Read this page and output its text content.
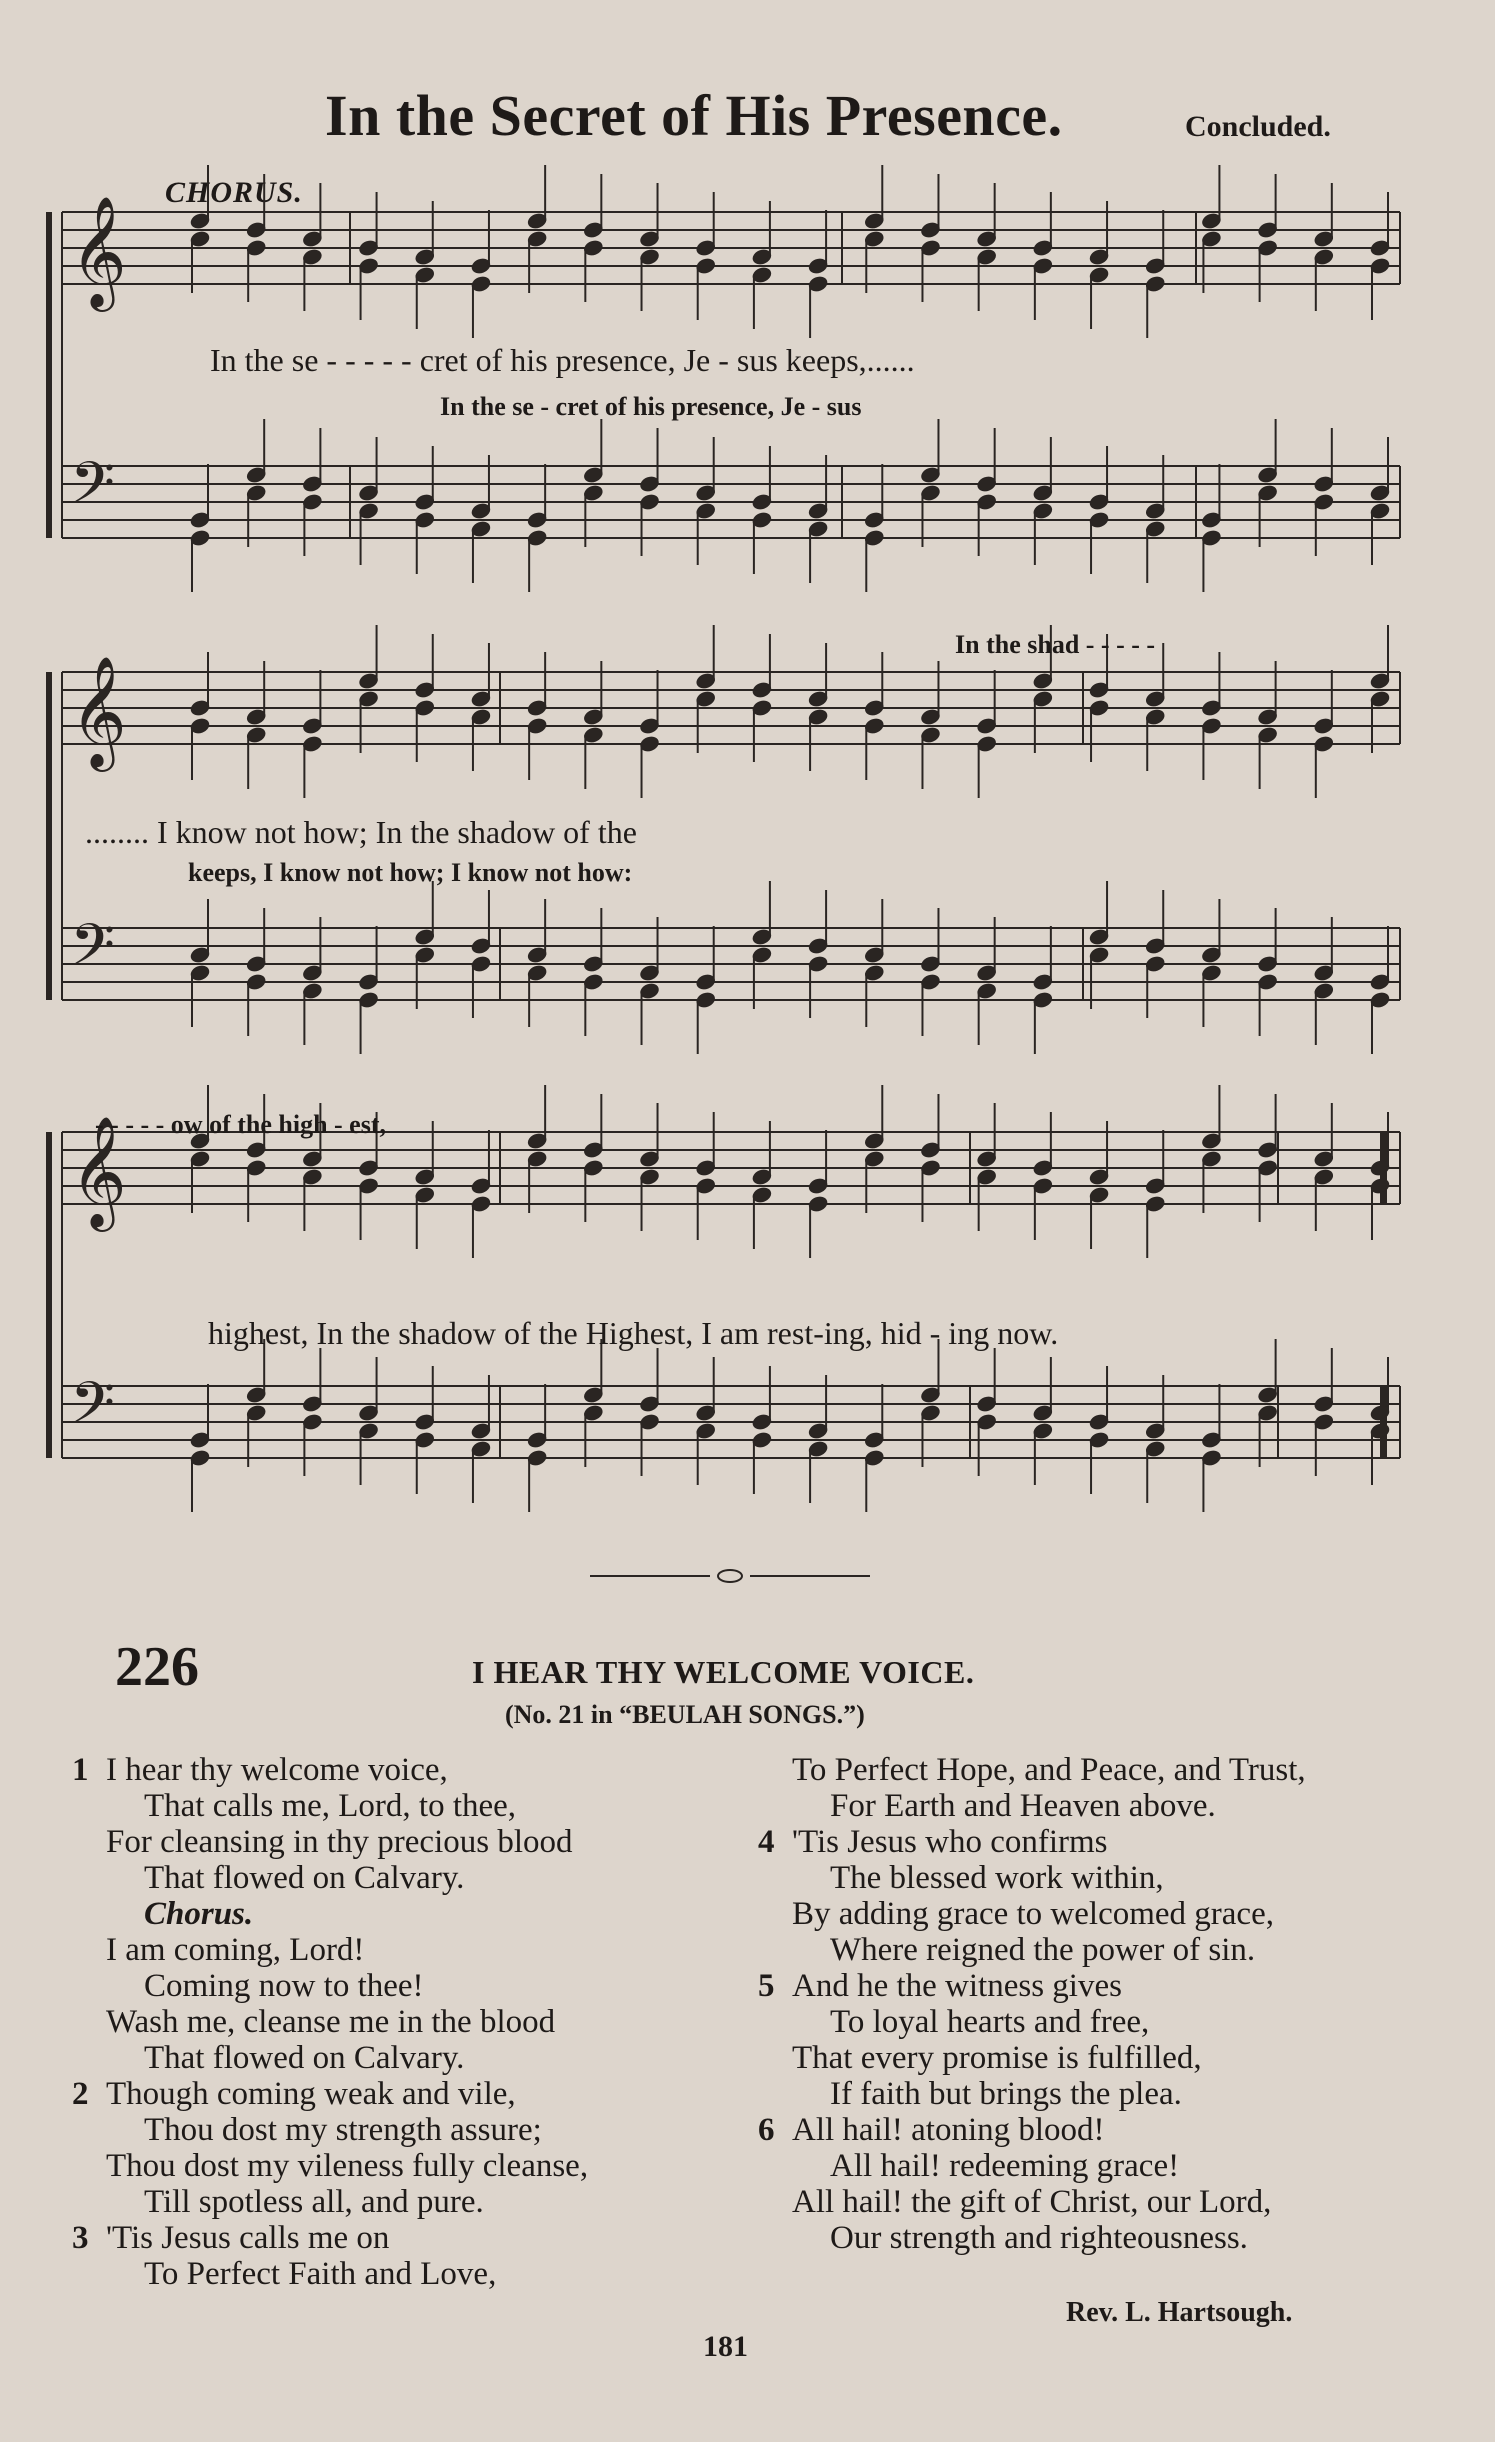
In the Secret of His Presence.	Concluded.
CHORUS.
𝄞
𝄢
𝄞
𝄢
𝄞
𝄢
In the se - - - - - cret of his presence, Je - sus keeps,......
In the se - cret of his presence, Je - sus
In the shad - - - - -
........ I know not how; In the shadow of the
keeps, I know not how; I know not how:
- - - - - ow of the high - est,
highest, In the shadow of the Highest, I am rest-ing, hid - ing now.
226	I HEAR THY WELCOME VOICE.
(No. 21 in “BEULAH SONGS.”)
1 I hear thy welcome voice,
That calls me, Lord, to thee,
For cleansing in thy precious blood
That flowed on Calvary.
Chorus.
I am coming, Lord!
Coming now to thee!
Wash me, cleanse me in the blood
That flowed on Calvary.
2 Though coming weak and vile,
Thou dost my strength assure;
Thou dost my vileness fully cleanse,
Till spotless all, and pure.
3 'Tis Jesus calls me on
To Perfect Faith and Love,
To Perfect Hope, and Peace, and Trust,
For Earth and Heaven above.
4 'Tis Jesus who confirms
The blessed work within,
By adding grace to welcomed grace,
Where reigned the power of sin.
5 And he the witness gives
To loyal hearts and free,
That every promise is fulfilled,
If faith but brings the plea.
6 All hail! atoning blood!
All hail! redeeming grace!
All hail! the gift of Christ, our Lord,
Our strength and righteousness.
Rev. L. Hartsough.
181
